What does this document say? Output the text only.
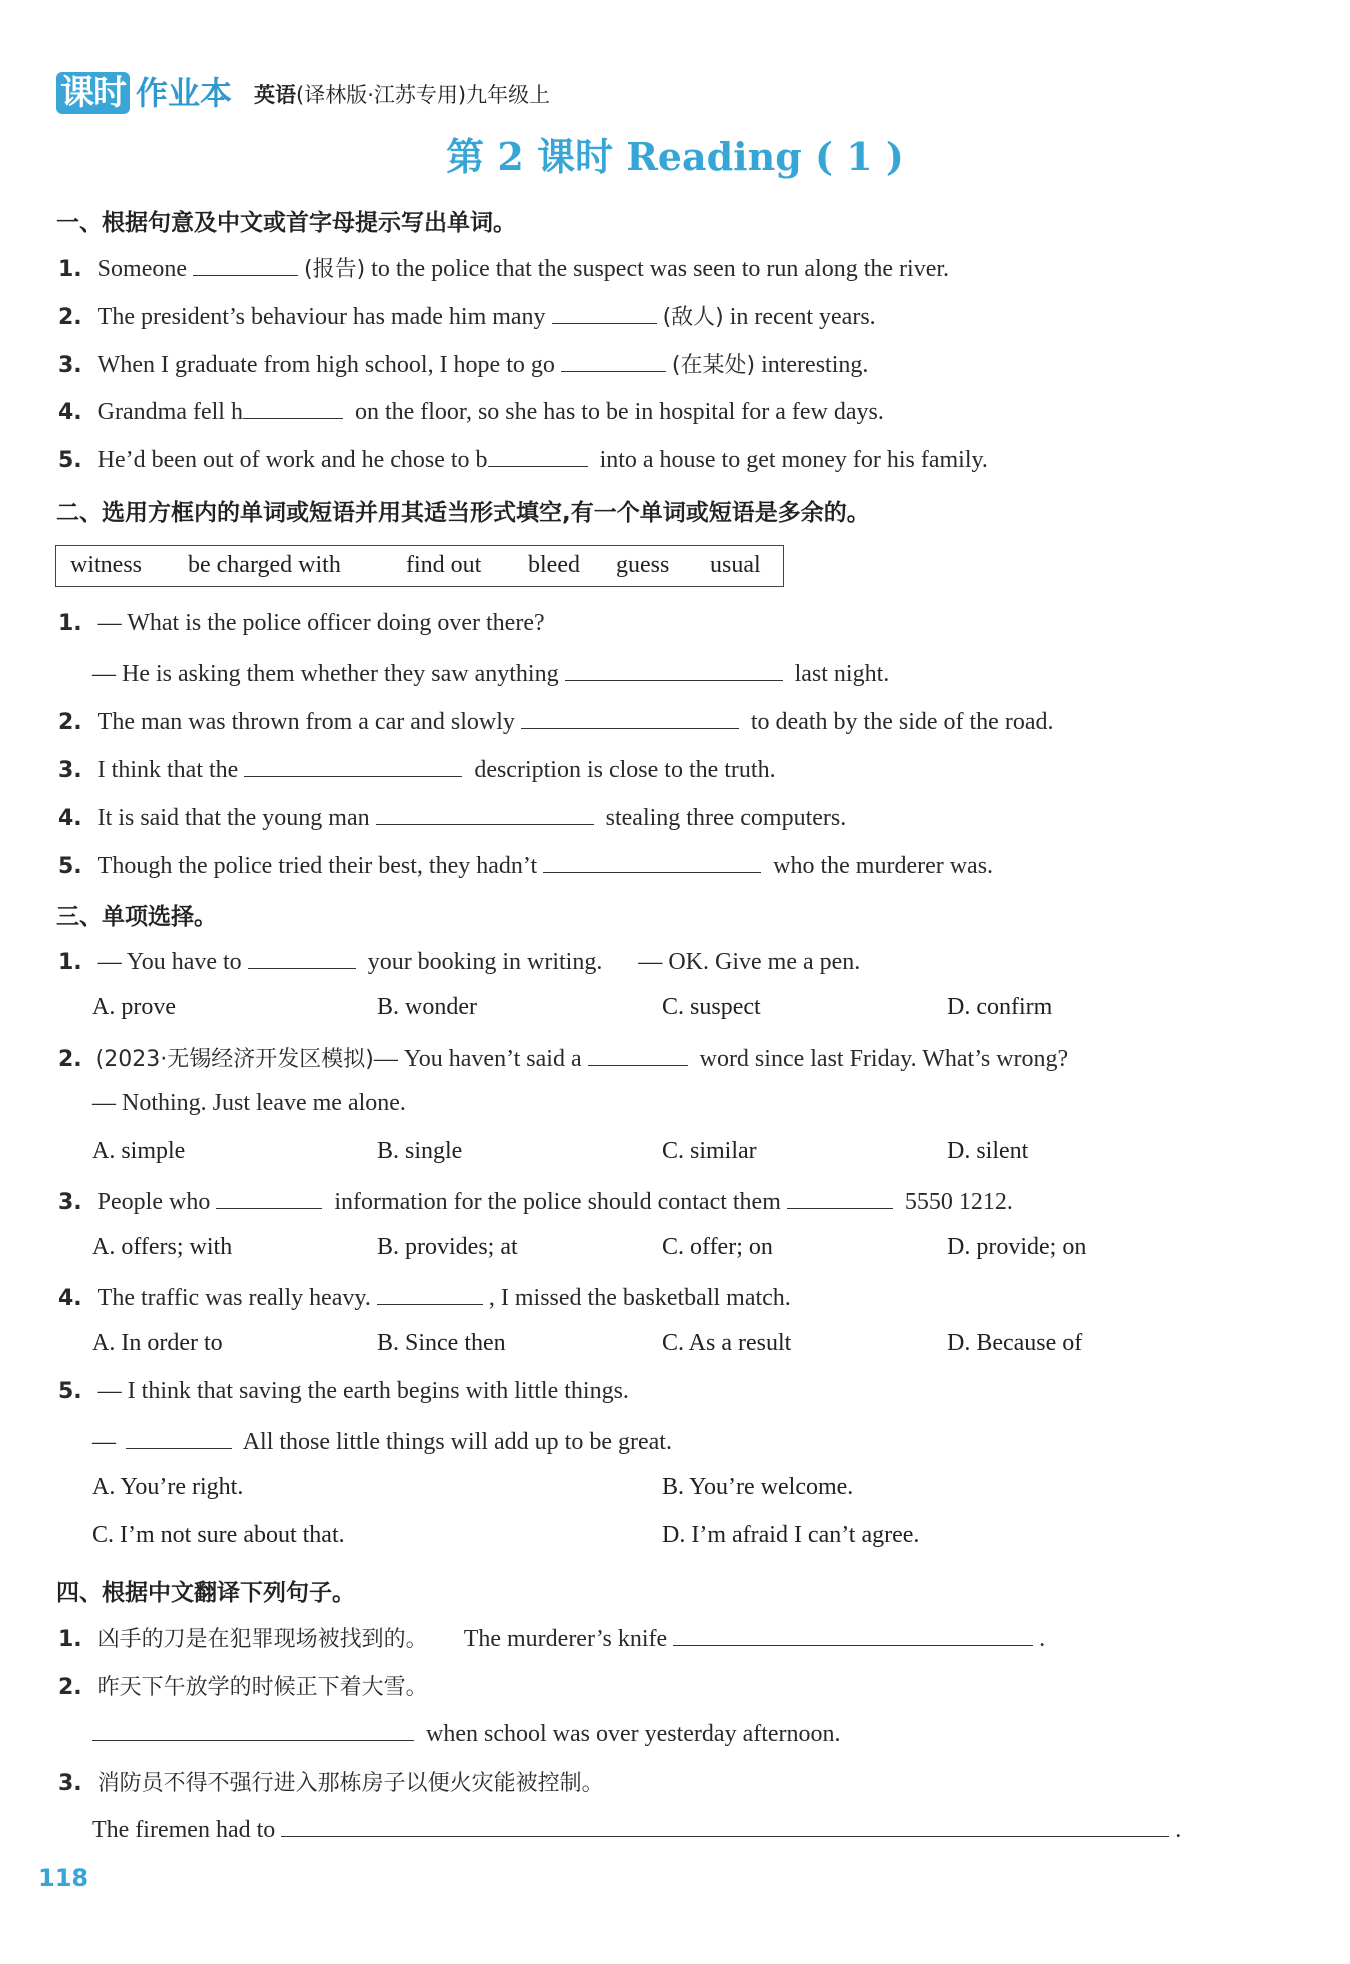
课时 作业本 英语(译林版·江苏专用)九年级上
第 2 课时 Reading ( 1 )
一、根据句意及中文或首字母提示写出单词。
1. Someone	(报告) to the police that the suspect was seen to run along the river.
2. The president’s behaviour has made him many	(敌人) in recent years.
3. When I graduate from high school, I hope to go	(在某处) interesting.
4. Grandma fell h	on the floor, so she has to be in hospital for a few days.
5. He’d been out of work and he chose to b	into a house to get money for his family.
二、选用方框内的单词或短语并用其适当形式填空,有一个单词或短语是多余的。
witness be charged with	find out bleed guess usual
1. — What is the police officer doing over there?
— He is asking them whether they saw anything	last night.
2. The man was thrown from a car and slowly	to death by the side of the road.
3. I think that the	description is close to the truth.
4. It is said that the young man	stealing three computers.
5. Though the police tried their best, they hadn’t	who the murderer was.
三、单项选择。
1. — You have to	your booking in writing. — OK. Give me a pen.
A. prove	B. wonder	C. suspect	D. confirm
2. (2023·无锡经济开发区模拟)— You haven’t said a	word since last Friday. What’s wrong?
— Nothing. Just leave me alone.
A. simple	B. single	C. similar	D. silent
3. People who	information for the police should contact them	5550 1212.
A. offers; with	B. provides; at	C. offer; on	D. provide; on
4. The traffic was really heavy.	, I missed the basketball match.
A. In order to	B. Since then	C. As a result	D. Because of
5. — I think that saving the earth begins with little things.
—	All those little things will add up to be great.
A. You’re right.	B. You’re welcome.
C. I’m not sure about that.	D. I’m afraid I can’t agree.
四、根据中文翻译下列句子。
1. 凶手的刀是在犯罪现场被找到的。 The murderer’s knife	.
2. 昨天下午放学的时候正下着大雪。
when school was over yesterday afternoon.
3. 消防员不得不强行进入那栋房子以便火灾能被控制。
The firemen had to	.
118
